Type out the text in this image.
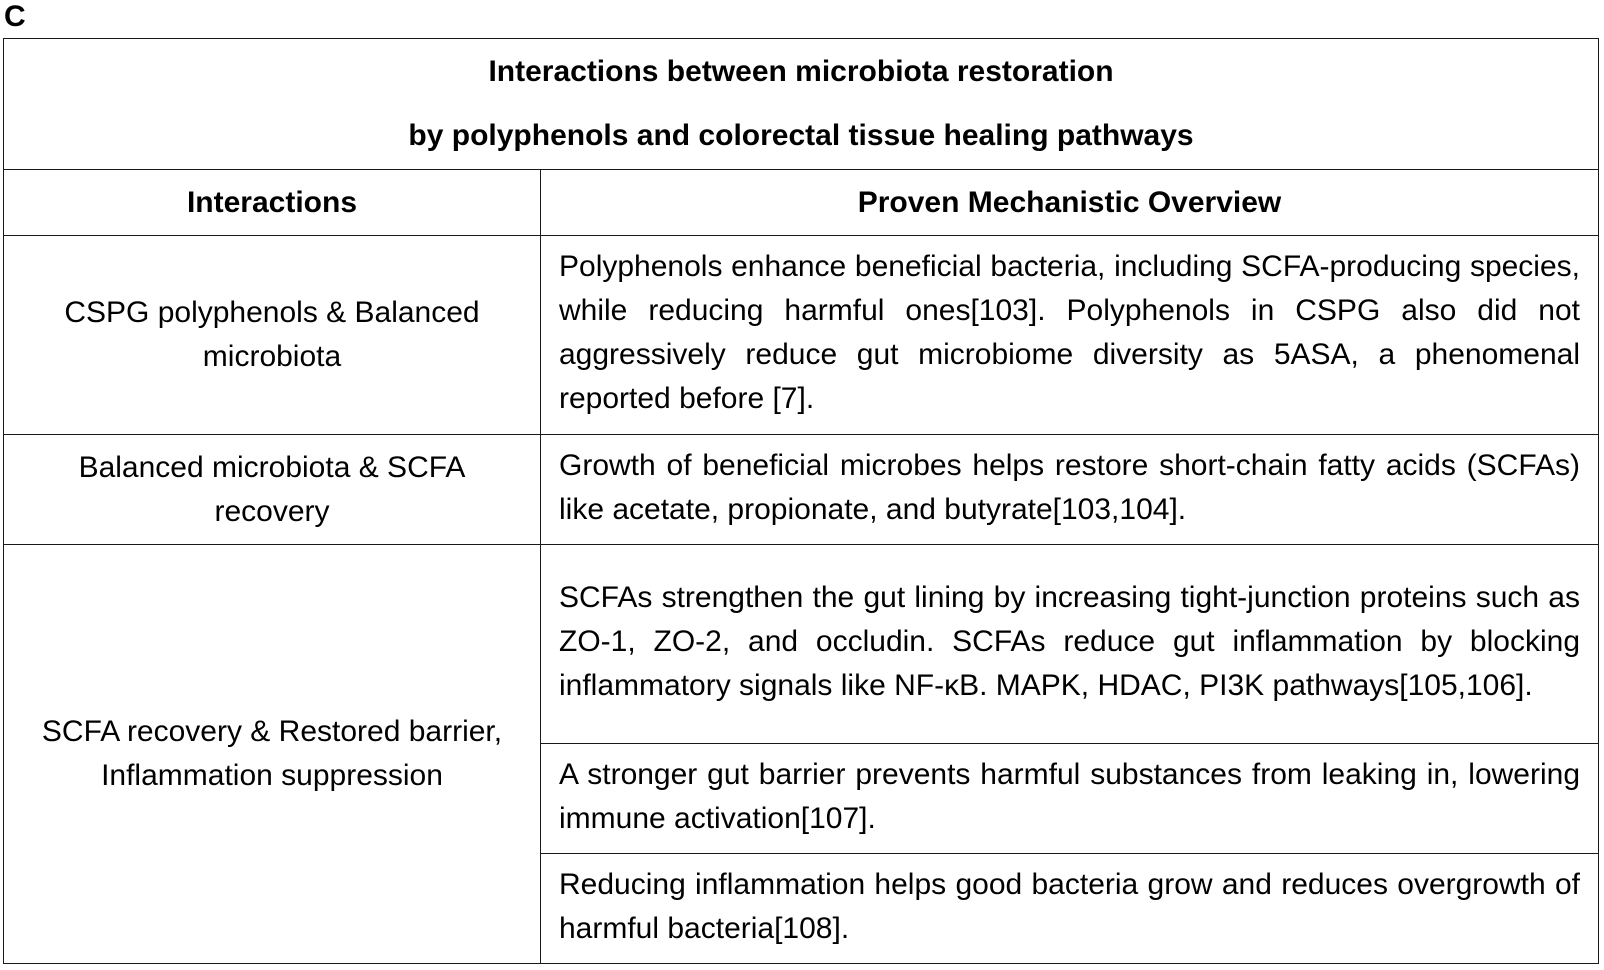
C
Interactions between microbiota restoration
by polyphenols and colorectal tissue healing pathways	

Interactions	Proven Mechanistic Overview
CSPG polyphenols & Balanced microbiota	Polyphenols enhance beneficial bacteria, including SCFA-producing species, while reducing harmful ones[103]. Polyphenols in CSPG also did not aggressively reduce gut microbiome diversity as 5ASA, a phenomenal reported before [7].
Balanced microbiota & SCFA recovery	Growth of beneficial microbes helps restore short-chain fatty acids (SCFAs) like acetate, propionate, and butyrate[103,104].
SCFA recovery & Restored barrier, Inflammation suppression	SCFAs strengthen the gut lining by increasing tight-junction proteins such as ZO-1, ZO-2, and occludin. SCFAs reduce gut inflammation by blocking inflammatory signals like NF-κB. MAPK, HDAC, PI3K pathways[105,106].
	A stronger gut barrier prevents harmful substances from leaking in, lowering immune activation[107].
	Reducing inflammation helps good bacteria grow and reduces overgrowth of harmful bacteria[108].
